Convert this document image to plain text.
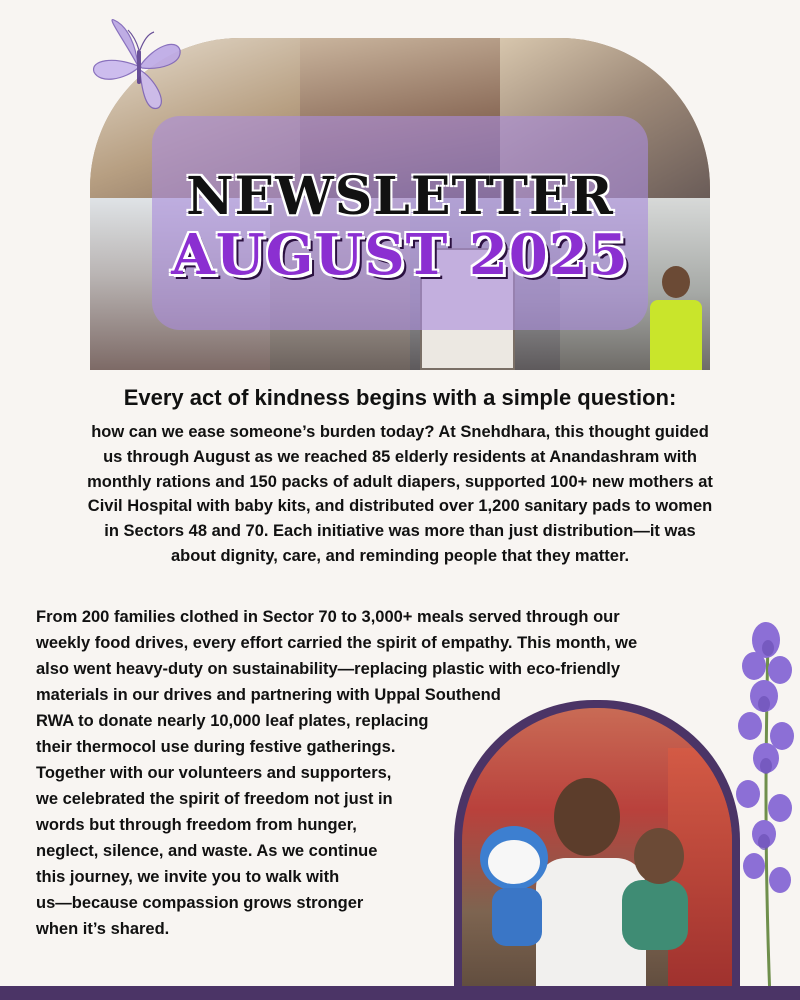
NEWSLETTER
AUGUST 2025
Every act of kindness begins with a simple question:
how can we ease someone’s burden today? At Snehdhara, this thought guided
us through August as we reached 85 elderly residents at Anandashram with
monthly rations and 150 packs of adult diapers, supported 100+ new mothers at
Civil Hospital with baby kits, and distributed over 1,200 sanitary pads to women
in Sectors 48 and 70. Each initiative was more than just distribution—it was
about dignity, care, and reminding people that they matter.
From 200 families clothed in Sector 70 to 3,000+ meals served through our
weekly food drives, every effort carried the spirit of empathy. This month, we
also went heavy-duty on sustainability—replacing plastic with eco-friendly
materials in our drives and partnering with Uppal Southend
RWA to donate nearly 10,000 leaf plates, replacing
their thermocol use during festive gatherings.
Together with our volunteers and supporters,
we celebrated the spirit of freedom not just in
words but through freedom from hunger,
neglect, silence, and waste. As we continue
this journey, we invite you to walk with
us—because compassion grows stronger
when it’s shared.
